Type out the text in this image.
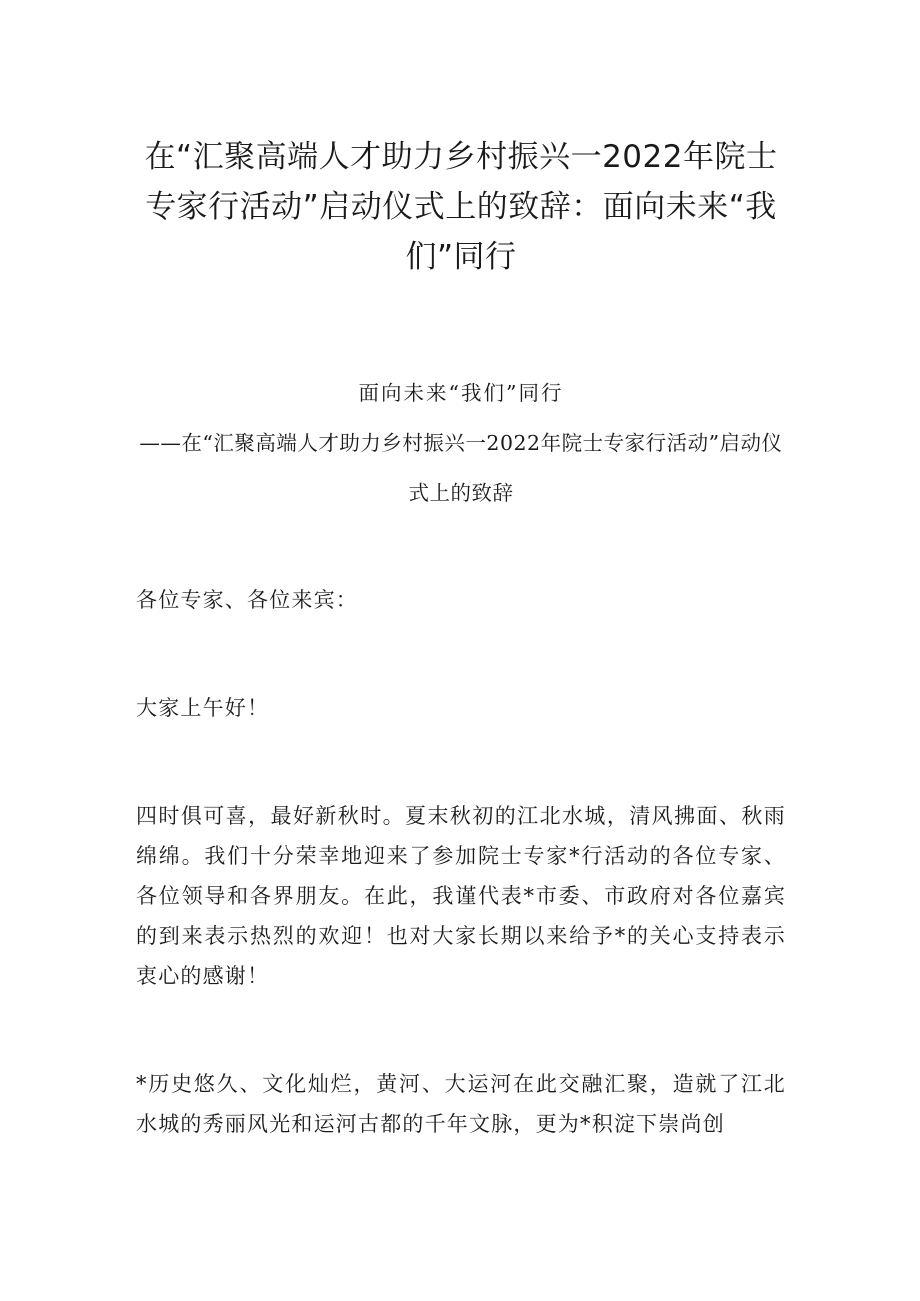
在“汇聚高端人才助力乡村振兴一2022年院士专家行活动”启动仪式上的致辞：面向未来“我们”同行
面向未来“我们”同行
——在“汇聚高端人才助力乡村振兴一2022年院士专家行活动”启动仪式上的致辞

各位专家、各位来宾：

大家上午好！

四时俱可喜，最好新秋时。夏末秋初的江北水城，清风拂面、秋雨绵绵。我们十分荣幸地迎来了参加院士专家*行活动的各位专家、各位领导和各界朋友。在此，我谨代表*市委、市政府对各位嘉宾的到来表示热烈的欢迎！也对大家长期以来给予*的关心支持表示衷心的感谢！

*历史悠久、文化灿烂，黄河、大运河在此交融汇聚，造就了江北水城的秀丽风光和运河古都的千年文脉，更为*积淀下崇尚创
